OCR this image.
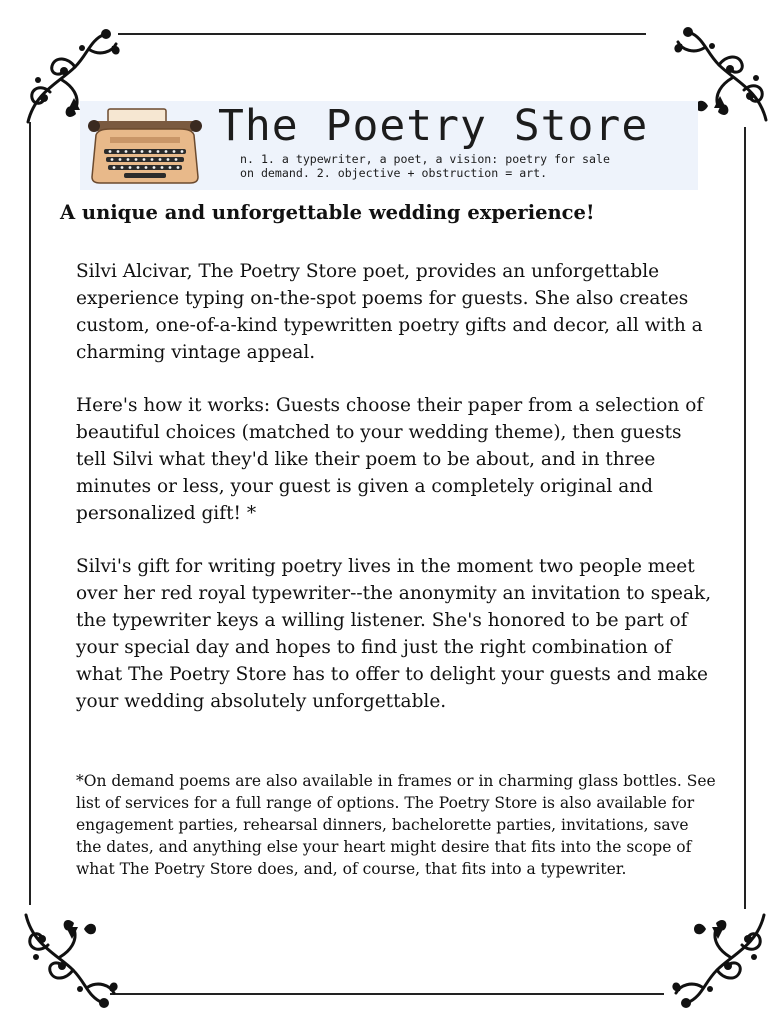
The Poetry Store
n. 1. a typewriter, a poet, a vision: poetry for sale
on demand. 2. objective + obstruction = art.
A unique and unforgettable wedding experience!

Silvi Alcivar, The Poetry Store poet, provides an unforgettable experience typing on-the-spot poems for guests. She also creates custom, one-of-a-kind typewritten poetry gifts and decor, all with a charming vintage appeal.

Here's how it works: Guests choose their paper from a selection of beautiful choices (matched to your wedding theme), then guests tell Silvi what they'd like their poem to be about, and in three minutes or less, your guest is given a completely original and personalized gift! *

Silvi's gift for writing poetry lives in the moment two people meet over her red royal typewriter--the anonymity an invitation to speak, the typewriter keys a willing listener. She's honored to be part of your special day and hopes to find just the right combination of what The Poetry Store has to offer to delight your guests and make your wedding absolutely unforgettable.

*On demand poems are also available in frames or in charming glass bottles. See list of services for a full range of options. The Poetry Store is also available for engagement parties, rehearsal dinners, bachelorette parties, invitations, save the dates, and anything else your heart might desire that fits into the scope of what The Poetry Store does, and, of course, that fits into a typewriter.
